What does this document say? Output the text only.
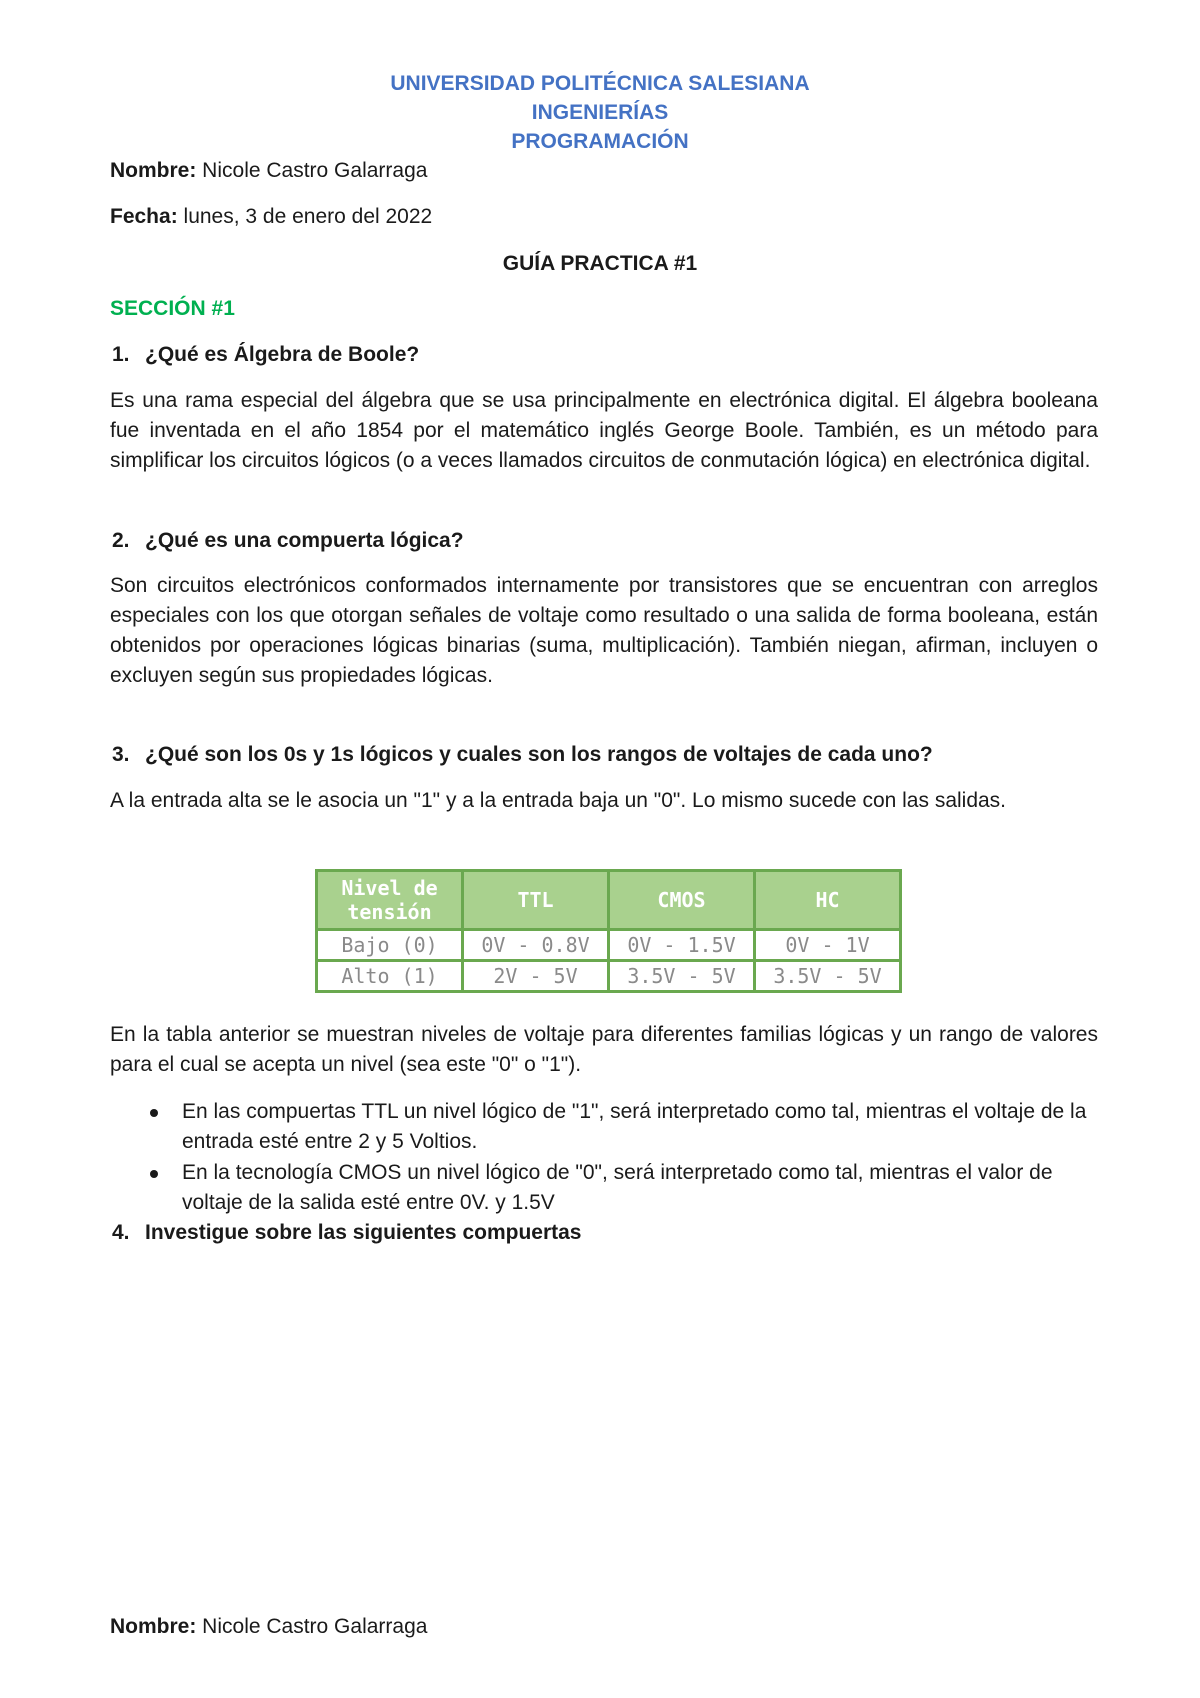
UNIVERSIDAD POLITÉCNICA SALESIANA
INGENIERÍAS
PROGRAMACIÓN
Nombre: Nicole Castro Galarraga
Fecha: lunes, 3 de enero del 2022
GUÍA PRACTICA #1
SECCIÓN #1
1. ¿Qué es Álgebra de Boole?
Es una rama especial del álgebra que se usa principalmente en electrónica digital. El álgebra booleana fue inventada en el año 1854 por el matemático inglés George Boole. También, es un método para simplificar los circuitos lógicos (o a veces llamados circuitos de conmutación lógica) en electrónica digital.
2. ¿Qué es una compuerta lógica?
Son circuitos electrónicos conformados internamente por transistores que se encuentran con arreglos especiales con los que otorgan señales de voltaje como resultado o una salida de forma booleana, están obtenidos por operaciones lógicas binarias (suma, multiplicación). También niegan, afirman, incluyen o excluyen según sus propiedades lógicas.
3. ¿Qué son los 0s y 1s lógicos y cuales son los rangos de voltajes de cada uno?
A la entrada alta se le asocia un "1" y a la entrada baja un "0". Lo mismo sucede con las salidas.
Nivel de
tensión	TTL	CMOS	HC
Bajo (0)	0V - 0.8V	0V - 1.5V	0V - 1V
Alto (1)	2V - 5V	3.5V - 5V	3.5V - 5V
En la tabla anterior se muestran niveles de voltaje para diferentes familias lógicas y un rango de valores para el cual se acepta un nivel (sea este "0" o "1").
En las compuertas TTL un nivel lógico de "1", será interpretado como tal, mientras el voltaje de la entrada esté entre 2 y 5 Voltios.
En la tecnología CMOS un nivel lógico de "0", será interpretado como tal, mientras el valor de voltaje de la salida esté entre 0V. y 1.5V
4. Investigue sobre las siguientes compuertas
Nombre: Nicole Castro Galarraga
